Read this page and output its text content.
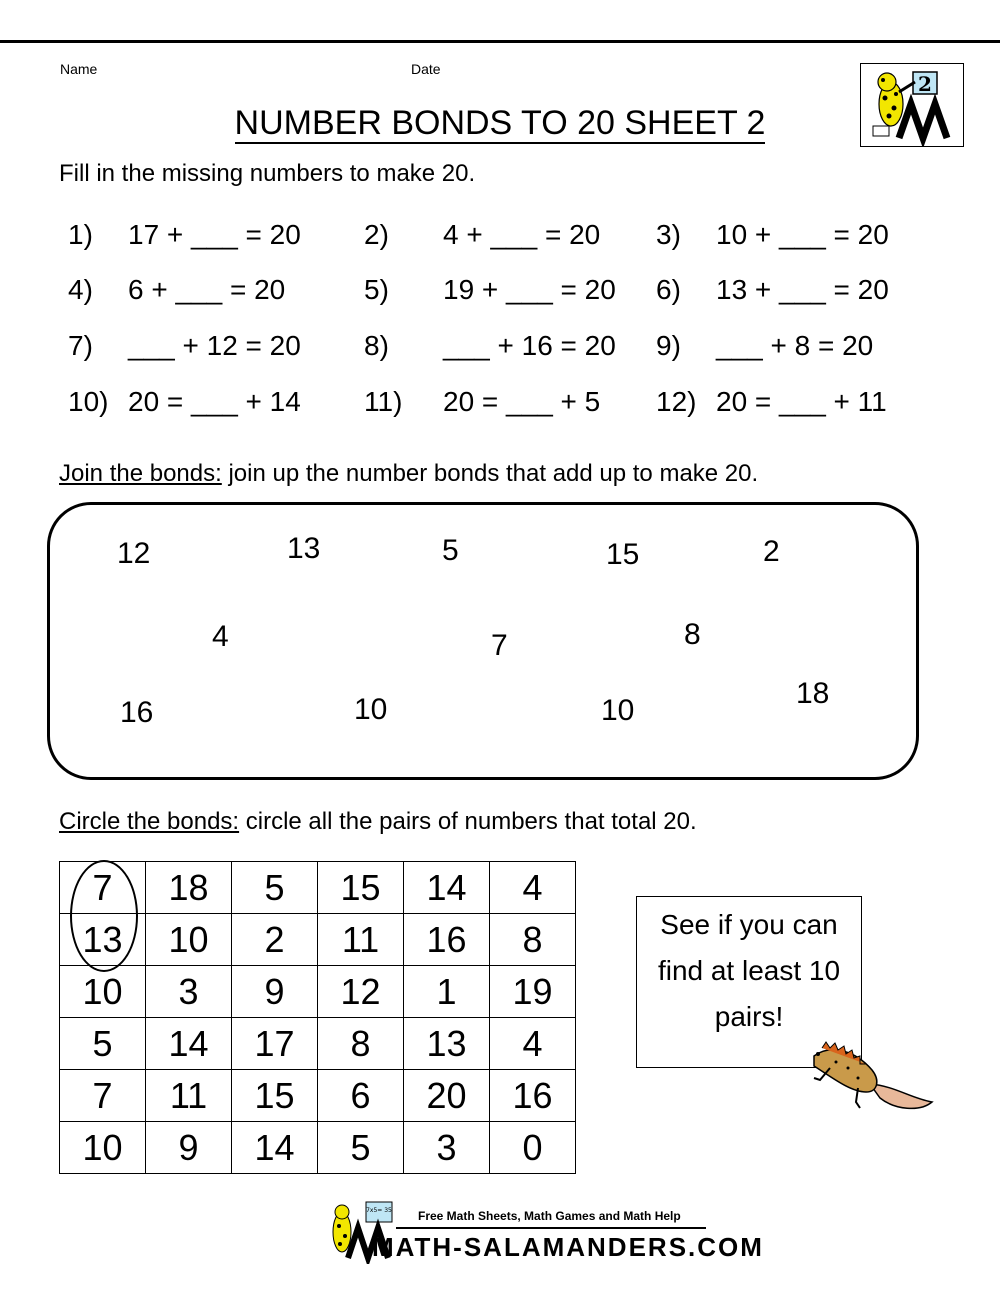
Name	Date
2
NUMBER BONDS TO 20 SHEET 2
Fill in the missing numbers to make 20.
1) 17 + ___ = 20 2) 4 + ___ = 20 3) 10 + ___ = 20
4) 6 + ___ = 20	5) 19 + ___ = 20 6) 13 + ___ = 20
7) ___ + 12 = 20 8) ___ + 16 = 20 9) ___ + 8 = 20
10) 20 = ___ + 14 11) 20 = ___ + 5 12) 20 = ___ + 11
Join the bonds: join up the number bonds that add up to make 20.
12	13	5	15	2
4	7	8
16	10	10
18
Circle the bonds: circle all the pairs of numbers that total 20.
7	18	5	15	14	4
13	10	2	11	16	8
10	3	9	12	1	19
5	14	17	8	13	4
7	11	15	6	20	16
10	9	14	5	3	0
See if you can
find at least 10
pairs!
7x5= 35 Free Math Sheets, Math Games and Math Help
MATH-SALAMANDERS.COM
